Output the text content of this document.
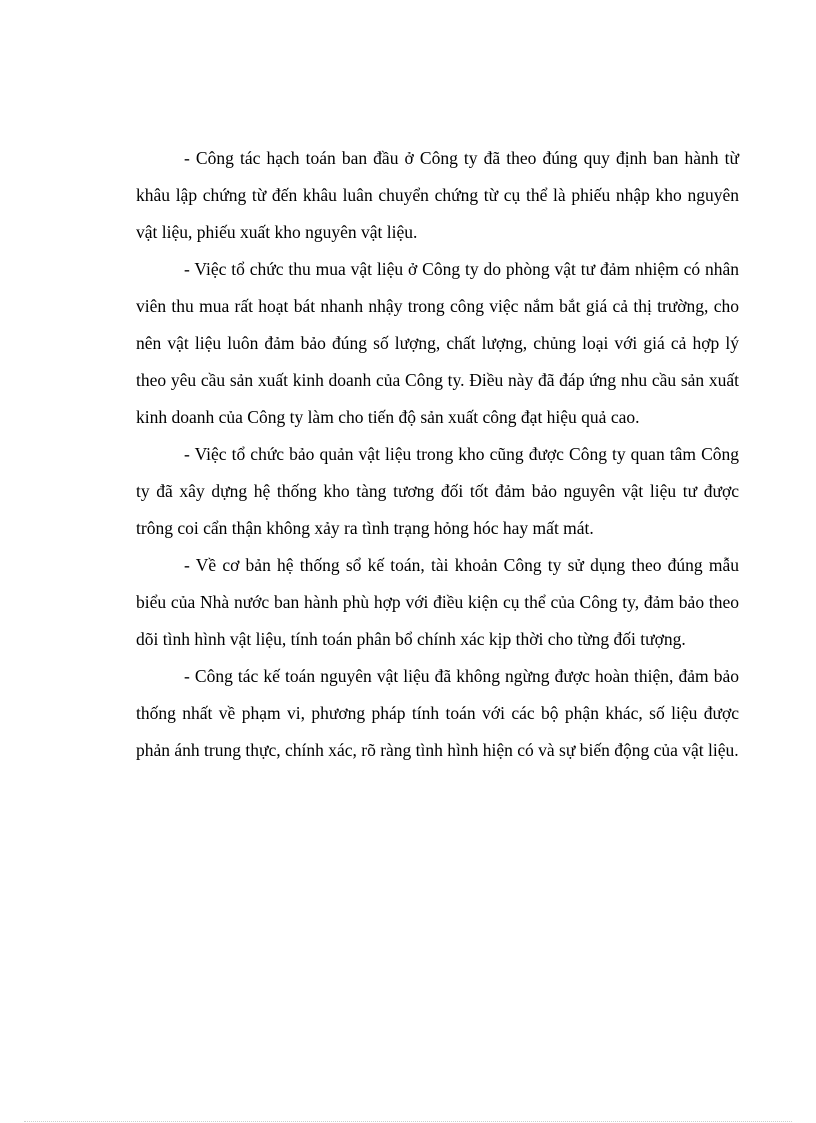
- Công tác hạch toán ban đầu ở Công ty đã theo đúng quy định ban hành từ khâu lập chứng từ đến khâu luân chuyển chứng từ cụ thể là phiếu nhập kho nguyên vật liệu, phiếu xuất kho nguyên vật liệu.

- Việc tổ chức thu mua vật liệu ở Công ty do phòng vật tư đảm nhiệm có nhân viên thu mua rất hoạt bát nhanh nhậy trong công việc nắm bắt giá cả thị trường, cho nên vật liệu luôn đảm bảo đúng số lượng, chất lượng, chủng loại với giá cả hợp lý theo yêu cầu sản xuất kinh doanh của Công ty. Điều này đã đáp ứng nhu cầu sản xuất kinh doanh của Công ty làm cho tiến độ sản xuất công đạt hiệu quả cao.

- Việc tổ chức bảo quản vật liệu trong kho cũng được Công ty quan tâm Công ty đã xây dựng hệ thống kho tàng tương đối tốt đảm bảo nguyên vật liệu tư được trông coi cẩn thận không xảy ra tình trạng hỏng hóc hay mất mát.

- Về cơ bản hệ thống sổ kế toán, tài khoản Công ty sử dụng theo đúng mẫu biểu của Nhà nước ban hành phù hợp với điều kiện cụ thể của Công ty, đảm bảo theo dõi tình hình vật liệu, tính toán phân bổ chính xác kịp thời cho từng đối tượng.

- Công tác kế toán nguyên vật liệu đã không ngừng được hoàn thiện, đảm bảo thống nhất về phạm vi, phương pháp tính toán với các bộ phận khác, số liệu được phản ánh trung thực, chính xác, rõ ràng tình hình hiện có và sự biến động của vật liệu.
